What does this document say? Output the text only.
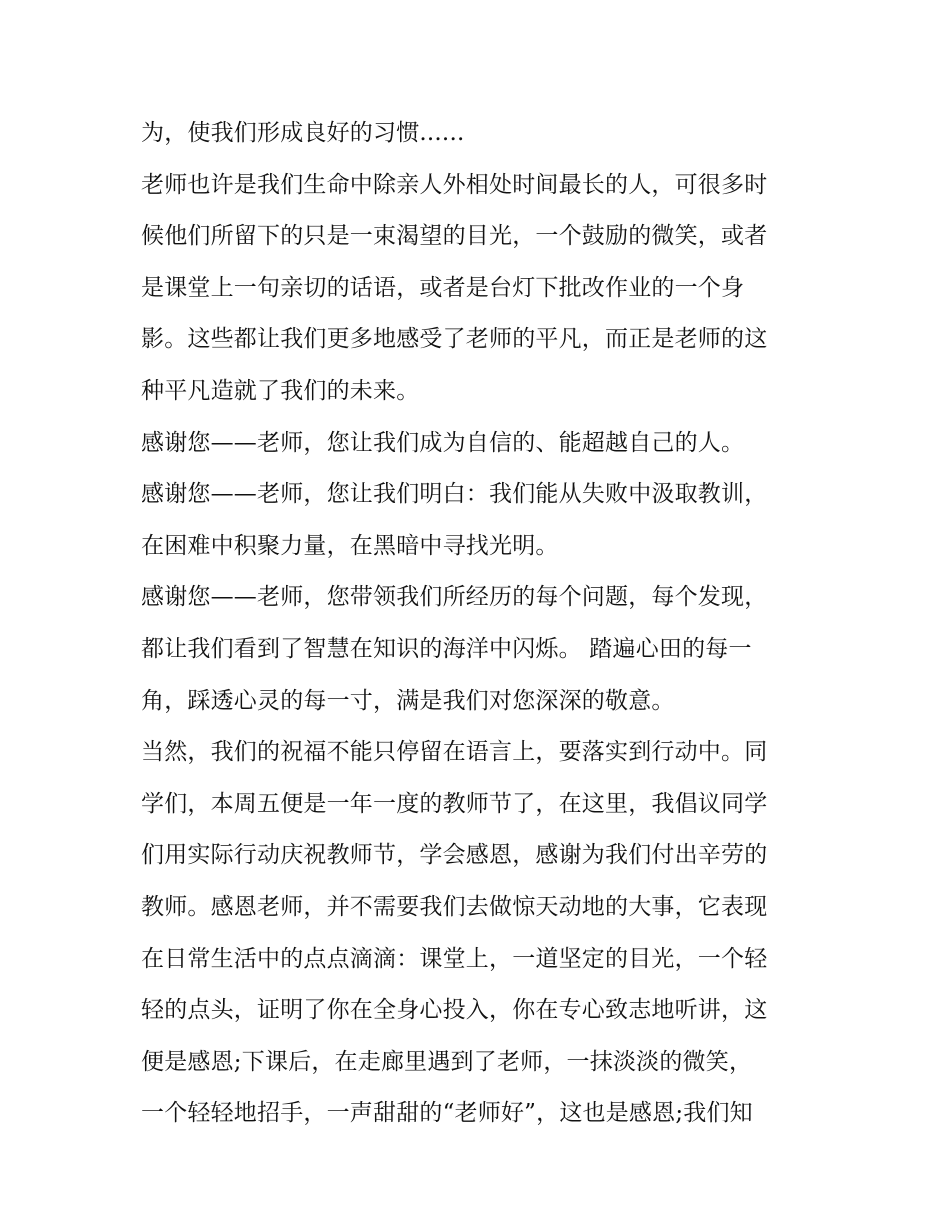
为，使我们形成良好的习惯......
老师也许是我们生命中除亲人外相处时间最长的人，可很多时
候他们所留下的只是一束渴望的目光，一个鼓励的微笑，或者
是课堂上一句亲切的话语，或者是台灯下批改作业的一个身
影。这些都让我们更多地感受了老师的平凡，而正是老师的这
种平凡造就了我们的未来。
感谢您——老师，您让我们成为自信的、能超越自己的人。
感谢您——老师，您让我们明白：我们能从失败中汲取教训，
在困难中积聚力量，在黑暗中寻找光明。
感谢您——老师，您带领我们所经历的每个问题，每个发现，
都让我们看到了智慧在知识的海洋中闪烁。 踏遍心田的每一
角，踩透心灵的每一寸，满是我们对您深深的敬意。
当然，我们的祝福不能只停留在语言上，要落实到行动中。同
学们，本周五便是一年一度的教师节了，在这里，我倡议同学
们用实际行动庆祝教师节，学会感恩，感谢为我们付出辛劳的
教师。感恩老师，并不需要我们去做惊天动地的大事，它表现
在日常生活中的点点滴滴：课堂上，一道坚定的目光，一个轻
轻的点头，证明了你在全身心投入，你在专心致志地听讲，这
便是感恩;下课后，在走廊里遇到了老师，一抹淡淡的微笑，
一个轻轻地招手，一声甜甜的“老师好”，这也是感恩;我们知
